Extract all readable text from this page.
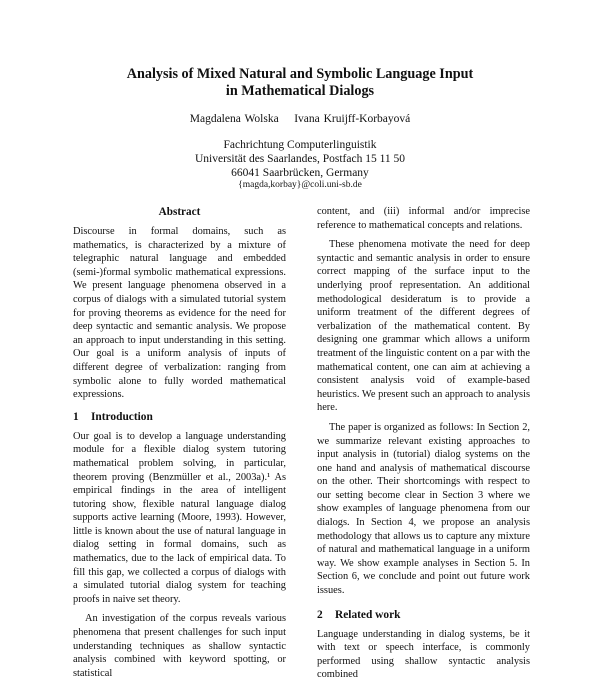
Analysis of Mixed Natural and Symbolic Language Input
in Mathematical Dialogs
Magdalena Wolska    Ivana Kruijff-Korbayová
Fachrichtung Computerlinguistik
Universität des Saarlandes, Postfach 15 11 50
66041 Saarbrücken, Germany
{magda,korbay}@coli.uni-sb.de
Abstract

Discourse in formal domains, such as mathematics, is characterized by a mixture of telegraphic natural language and embedded (semi-)formal symbolic mathematical expressions. We present language phenomena observed in a corpus of dialogs with a simulated tutorial system for proving theorems as evidence for the need for deep syntactic and semantic analysis. We propose an approach to input understanding in this setting. Our goal is a uniform analysis of inputs of different degree of verbalization: ranging from symbolic alone to fully worded mathematical expressions.

1 Introduction

Our goal is to develop a language understanding module for a flexible dialog system tutoring mathematical problem solving, in particular, theorem proving (Benzmüller et al., 2003a).¹ As empirical findings in the area of intelligent tutoring show, flexible natural language dialog supports active learning (Moore, 1993). However, little is known about the use of natural language in dialog setting in formal domains, such as mathematics, due to the lack of empirical data. To fill this gap, we collected a corpus of dialogs with a simulated tutorial dialog system for teaching proofs in naive set theory.

An investigation of the corpus reveals various phenomena that present challenges for such input understanding techniques as shallow syntactic analysis combined with keyword spotting, or statistical

content, and (iii) informal and/or imprecise reference to mathematical concepts and relations.

These phenomena motivate the need for deep syntactic and semantic analysis in order to ensure correct mapping of the surface input to the underlying proof representation. An additional methodological desideratum is to provide a uniform treatment of the different degrees of verbalization of the mathematical content. By designing one grammar which allows a uniform treatment of the linguistic content on a par with the mathematical content, one can aim at achieving a consistent analysis void of example-based heuristics. We present such an approach to analysis here.

The paper is organized as follows: In Section 2, we summarize relevant existing approaches to input analysis in (tutorial) dialog systems on the one hand and analysis of mathematical discourse on the other. Their shortcomings with respect to our setting become clear in Section 3 where we show examples of language phenomena from our dialogs. In Section 4, we propose an analysis methodology that allows us to capture any mixture of natural and mathematical language in a uniform way. We show example analyses in Section 5. In Section 6, we conclude and point out future work issues.

2 Related work

Language understanding in dialog systems, be it with text or speech interface, is commonly performed using shallow syntactic analysis combined
